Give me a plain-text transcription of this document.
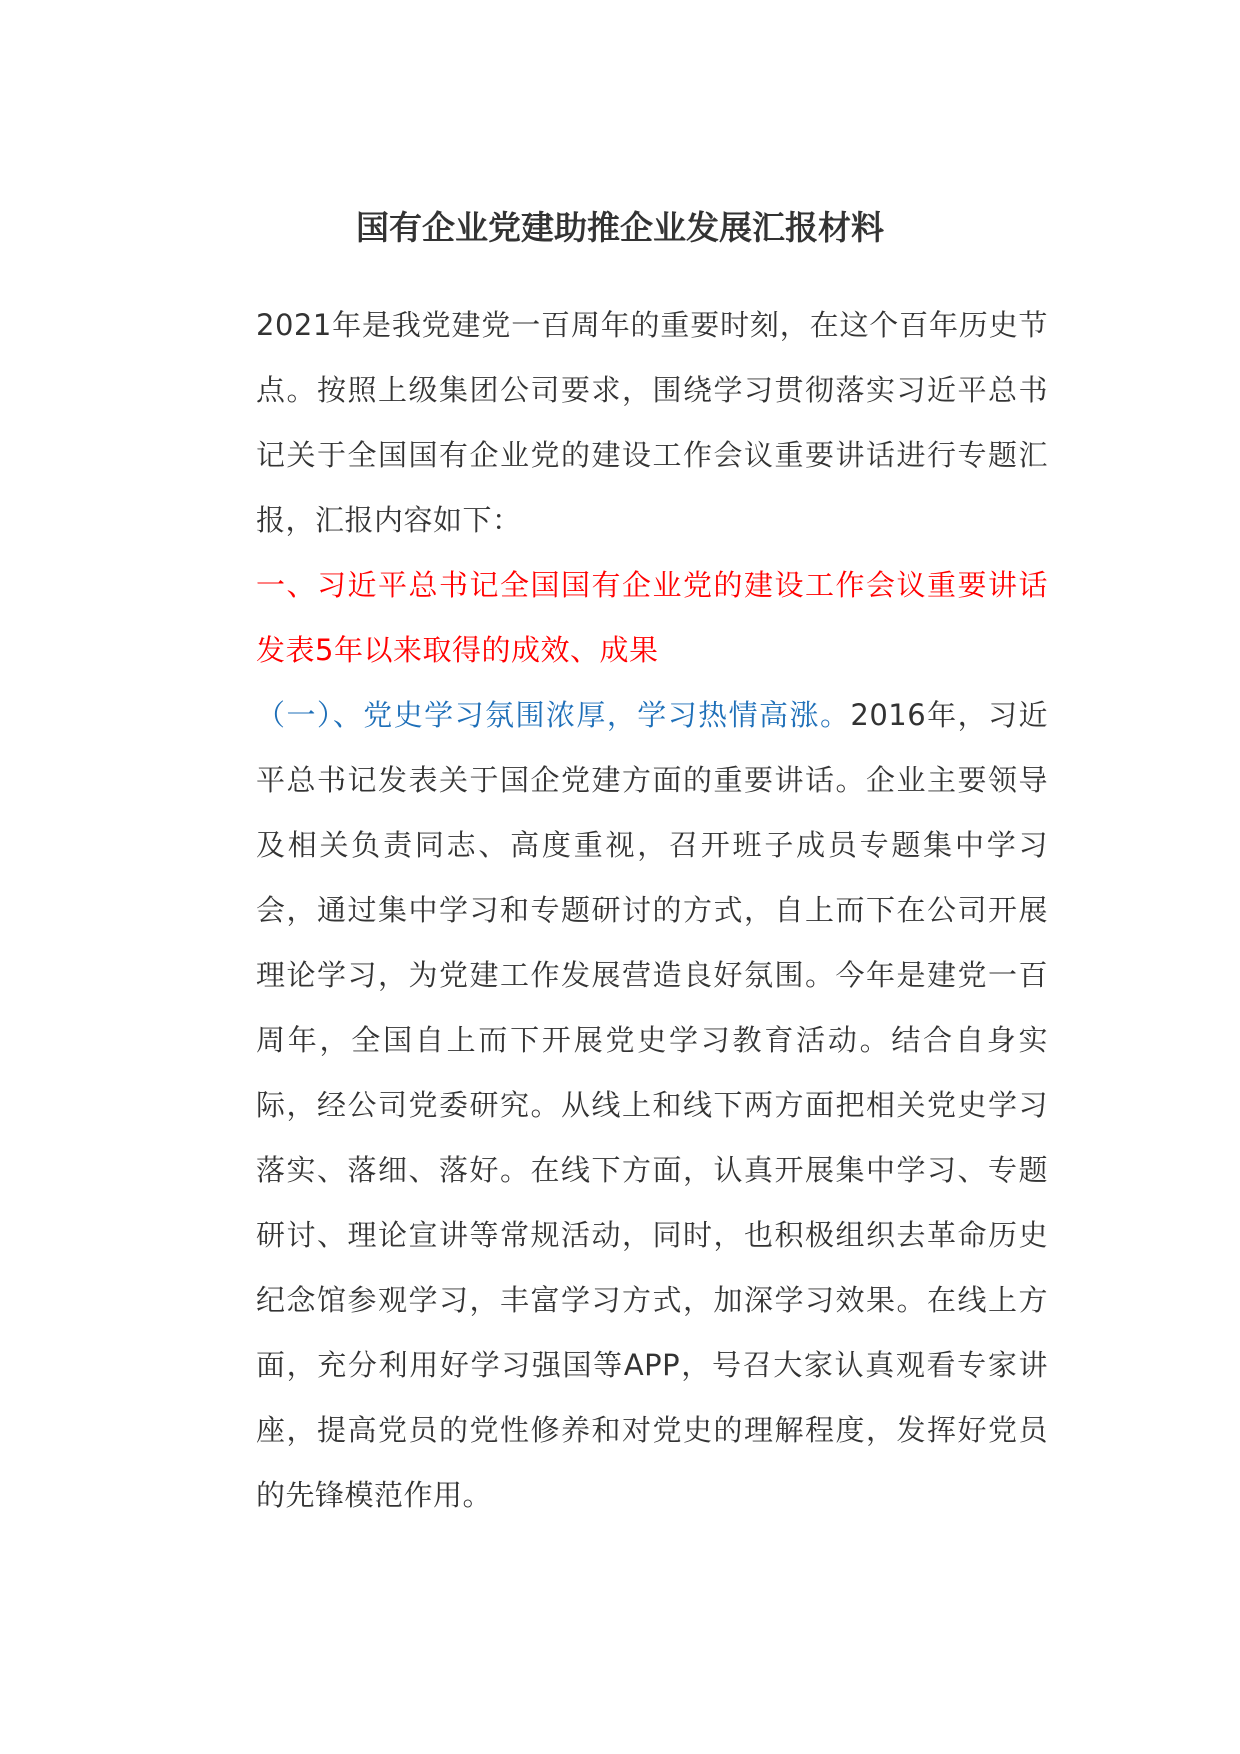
国有企业党建助推企业发展汇报材料

2021年是我党建党一百周年的重要时刻，在这个百年历史节点。按照上级集团公司要求，围绕学习贯彻落实习近平总书记关于全国国有企业党的建设工作会议重要讲话进行专题汇报，汇报内容如下：

一、习近平总书记全国国有企业党的建设工作会议重要讲话发表5年以来取得的成效、成果

（一）、党史学习氛围浓厚，学习热情高涨。2016年，习近平总书记发表关于国企党建方面的重要讲话。企业主要领导及相关负责同志、高度重视，召开班子成员专题集中学习会，通过集中学习和专题研讨的方式，自上而下在公司开展理论学习，为党建工作发展营造良好氛围。今年是建党一百周年，全国自上而下开展党史学习教育活动。结合自身实际，经公司党委研究。从线上和线下两方面把相关党史学习落实、落细、落好。在线下方面，认真开展集中学习、专题研讨、理论宣讲等常规活动，同时，也积极组织去革命历史纪念馆参观学习，丰富学习方式，加深学习效果。在线上方面，充分利用好学习强国等APP，号召大家认真观看专家讲座，提高党员的党性修养和对党史的理解程度，发挥好党员的先锋模范作用。
